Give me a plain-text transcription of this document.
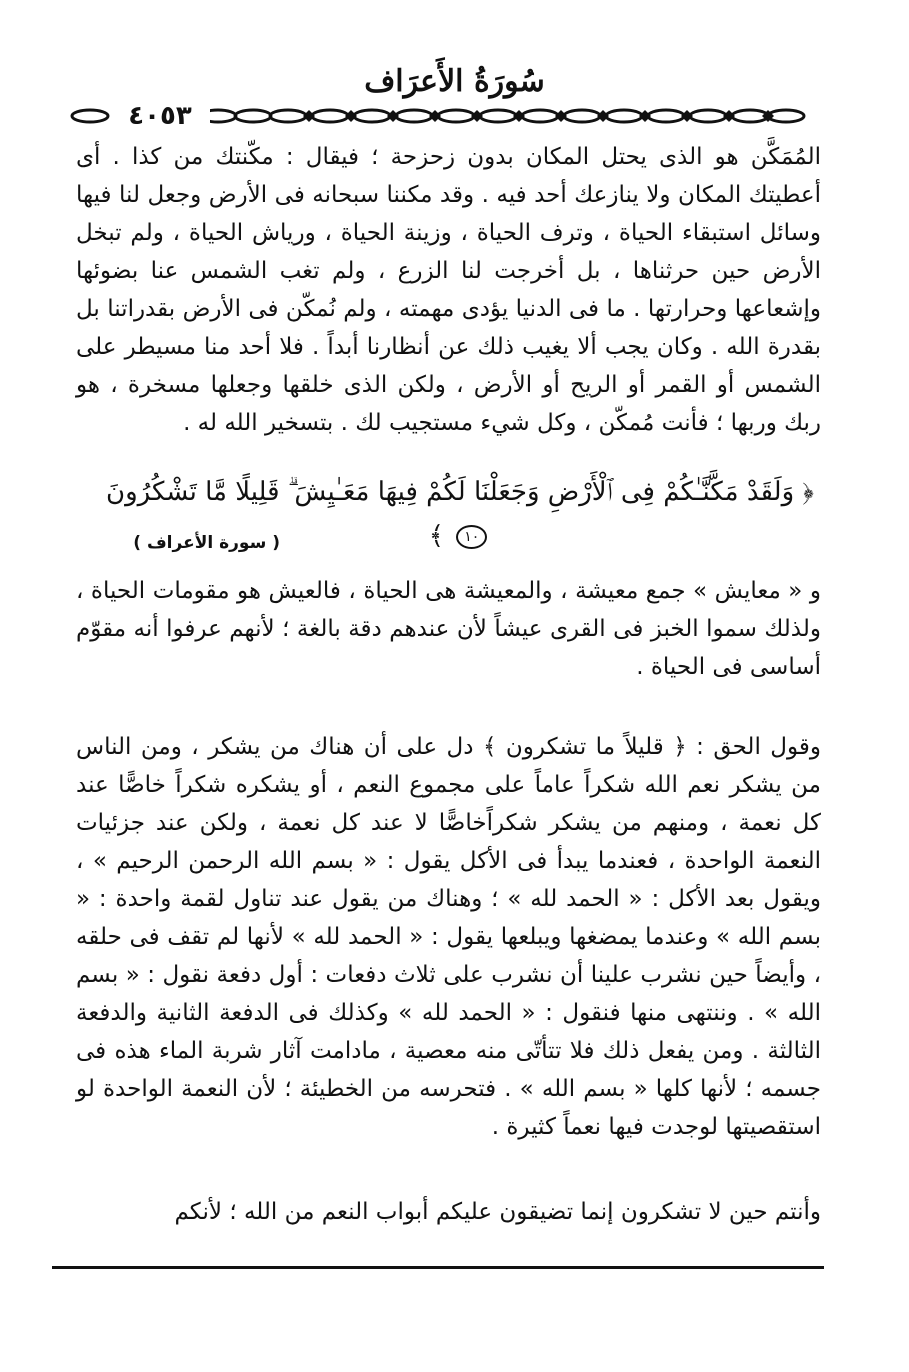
سُورَةُ الأَعرَاف
٤٠٥٣

المُمَكَّن هو الذى يحتل المكان بدون زحزحة ؛ فيقال : مكّنتك من كذا . أى أعطيتك المكان ولا ينازعك أحد فيه . وقد مكننا سبحانه فى الأرض وجعل لنا فيها وسائل استبقاء الحياة ، وترف الحياة ، وزينة الحياة ، ورياش الحياة ، ولم تبخل الأرض حين حرثناها ، بل أخرجت لنا الزرع ، ولم تغب الشمس عنا بضوئها وإشعاعها وحرارتها . ما فى الدنيا يؤدى مهمته ، ولم نُمكّن فى الأرض بقدراتنا بل بقدرة الله . وكان يجب ألا يغيب ذلك عن أنظارنا أبداً . فلا أحد منا مسيطر على الشمس أو القمر أو الريح أو الأرض ، ولكن الذى خلقها وجعلها مسخرة ، هو ربك وربها ؛ فأنت مُمكّن ، وكل شيء مستجيب لك . بتسخير الله له .

﴿ وَلَقَدْ مَكَّنَّـٰكُمْ فِى ٱلْأَرْضِ وَجَعَلْنَا لَكُمْ فِيهَا مَعَـٰيِشَ ۗ قَلِيلًا مَّا تَشْكُرُونَ ١٠ ﴾
( سورة الأعراف )

و « معايش » جمع معيشة ، والمعيشة هى الحياة ، فالعيش هو مقومات الحياة ، ولذلك سموا الخبز فى القرى عيشاً لأن عندهم دقة بالغة ؛ لأنهم عرفوا أنه مقوّم أساسى فى الحياة .

وقول الحق : ﴿ قليلاً ما تشكرون ﴾ دل على أن هناك من يشكر ، ومن الناس من يشكر نعم الله شكراً عاماً على مجموع النعم ، أو يشكره شكراً خاصًّا عند كل نعمة ، ومنهم من يشكر شكراًخاصًّا لا عند كل نعمة ، ولكن عند جزئيات النعمة الواحدة ، فعندما يبدأ فى الأكل يقول : « بسم الله الرحمن الرحيم » ، ويقول بعد الأكل : « الحمد لله » ؛ وهناك من يقول عند تناول لقمة واحدة : « بسم الله » وعندما يمضغها ويبلعها يقول : « الحمد لله » لأنها لم تقف فى حلقه ، وأيضاً حين نشرب علينا أن نشرب على ثلاث دفعات : أول دفعة نقول : « بسم الله » . وننتهى منها فنقول : « الحمد لله » وكذلك فى الدفعة الثانية والدفعة الثالثة . ومن يفعل ذلك فلا تتأتّى منه معصية ، مادامت آثار شربة الماء هذه فى جسمه ؛ لأنها كلها « بسم الله » . فتحرسه من الخطيئة ؛ لأن النعمة الواحدة لو استقصيتها لوجدت فيها نعماً كثيرة .

وأنتم حين لا تشكرون إنما تضيقون عليكم أبواب النعم من الله ؛ لأنكم
